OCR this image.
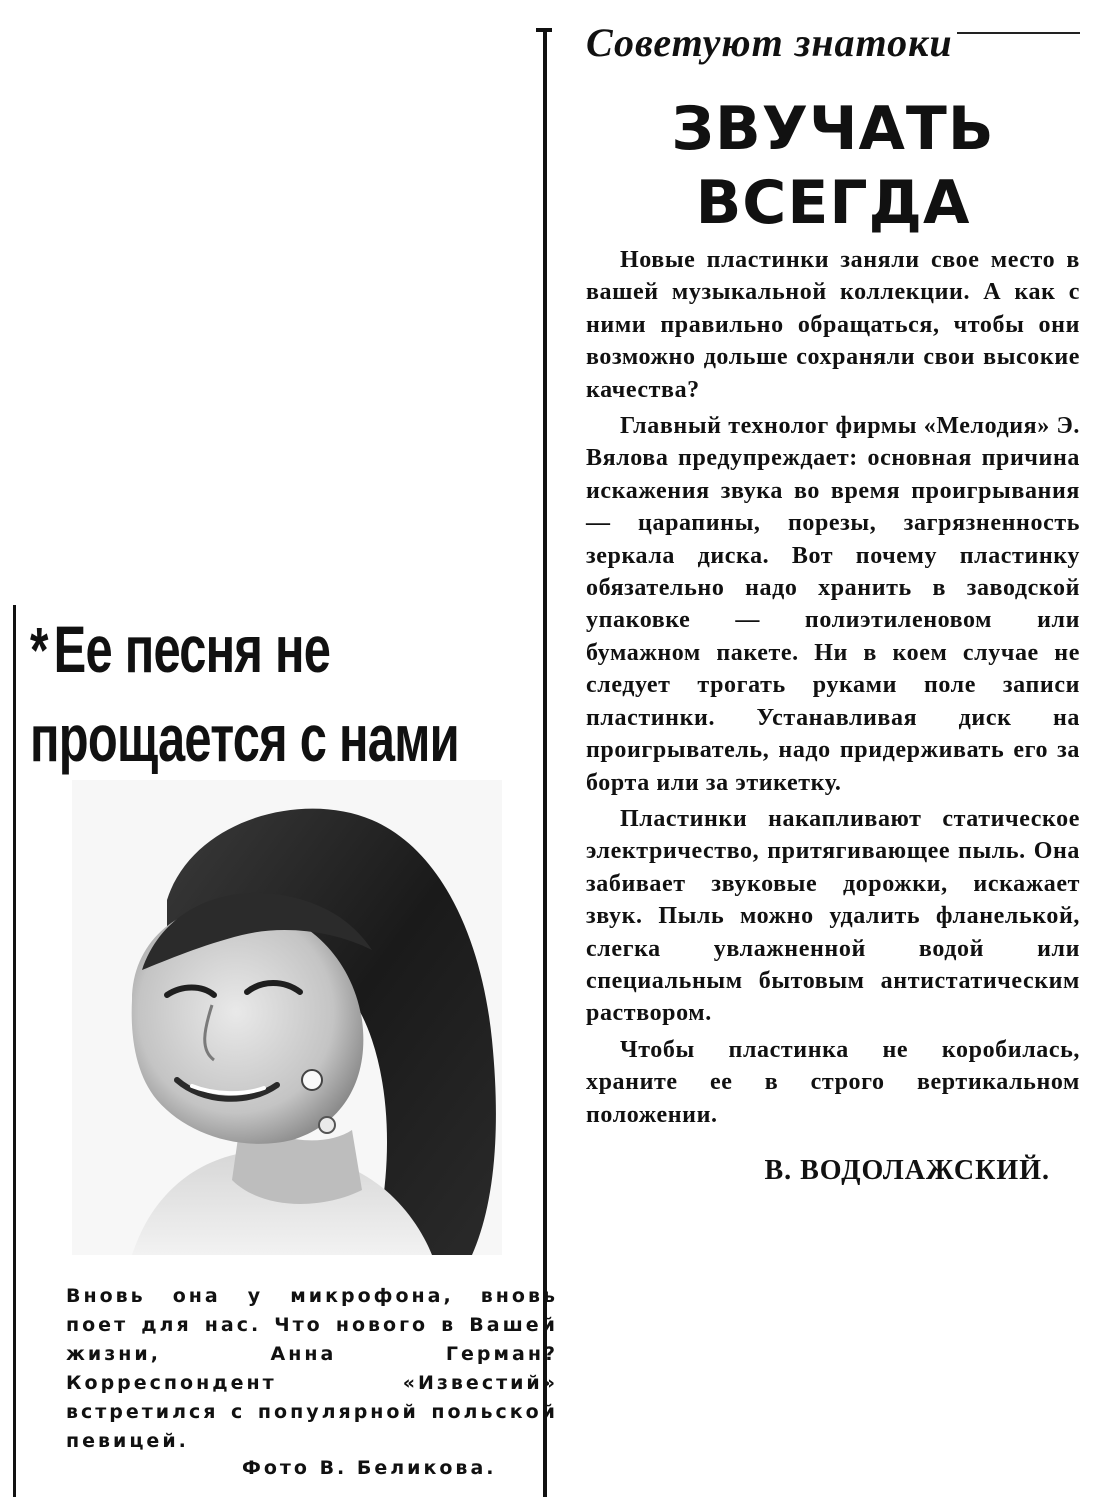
*Ее песня не прощается с нами

Вновь она у микрофона, вновь поет для нас. Что нового в Вашей жизни, Анна Герман? Корреспондент «Известий» встретился с популярной польской певицей.

Фото В. Беликова.

Советуют знатоки
ЗВУЧАТЬ
ВСЕГДА

Новые пластинки заняли свое место в вашей музыкальной коллекции. А как с ними правильно обращаться, чтобы они возможно дольше сохраняли свои высокие качества?

Главный технолог фирмы «Мелодия» Э. Вялова предупреждает: основная причина искажения звука во время проигрывания — царапины, порезы, загрязненность зеркала диска. Вот почему пластинку обязательно надо хранить в заводской упаковке — полиэтиленовом или бумажном пакете. Ни в коем случае не следует трогать руками поле записи пластинки. Устанавливая диск на проигрыватель, надо придерживать его за борта или за этикетку.

Пластинки накапливают статическое электричество, притягивающее пыль. Она забивает звуковые дорожки, искажает звук. Пыль можно удалить фланелькой, слегка увлажненной водой или специальным бытовым антистатическим раствором.

Чтобы пластинка не коробилась, храните ее в строго вертикальном положении.

В. ВОДОЛАЖСКИЙ.
